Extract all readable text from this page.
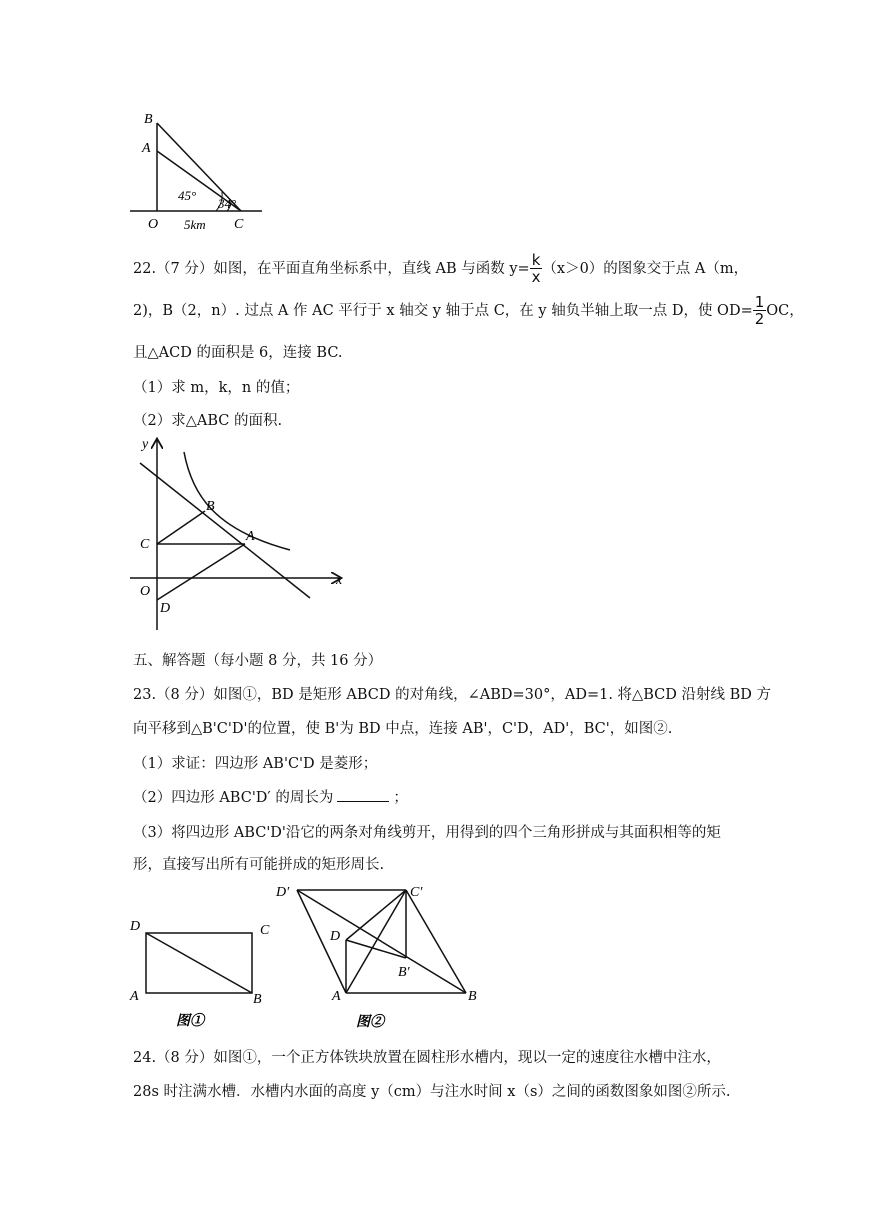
B
A
45°
34°
O 5km C
22.（7 分）如图，在平面直角坐标系中，直线 AB 与函数 $y= \frac{k}{x} (x>0)$的图象交于点 A（m，
2)，B（2，n）. 过点 A 作 AC 平行于 x 轴交 y 轴于点 C，在 y 轴负半轴上取一点 D，使 $OD= \frac{1}{2}$ OC，
且△ACD 的面积是 6，连接 BC.
（1）求 m，k，n 的值；
（2）求△ABC 的面积.
y
x
B
A
C
O
D
五、解答题（每小题 8 分，共 16 分）
23.（8 分）如图①，BD 是矩形 ABCD 的对角线，∠ABD=30°，AD=1. 将△BCD 沿射线 BD 方
向平移到△B'C'D'的位置，使 B'为 BD 中点，连接 AB'，C'D，AD'，BC'，如图②.
（1）求证：四边形 AB'C'D 是菱形；
（2）四边形 ABC'D′ 的周长为	；
（3）将四边形 ABC'D'沿它的两条对角线剪开，用得到的四个三角形拼成与其面积相等的矩
形，直接写出所有可能拼成的矩形周长.
D	C
A	B
图①
D′	C′
D
B′
A	B
图②
24.（8 分）如图①，一个正方体铁块放置在圆柱形水槽内，现以一定的速度往水槽中注水，
28s 时注满水槽．水槽内水面的高度 y（cm）与注水时间 x（s）之间的函数图象如图②所示.
